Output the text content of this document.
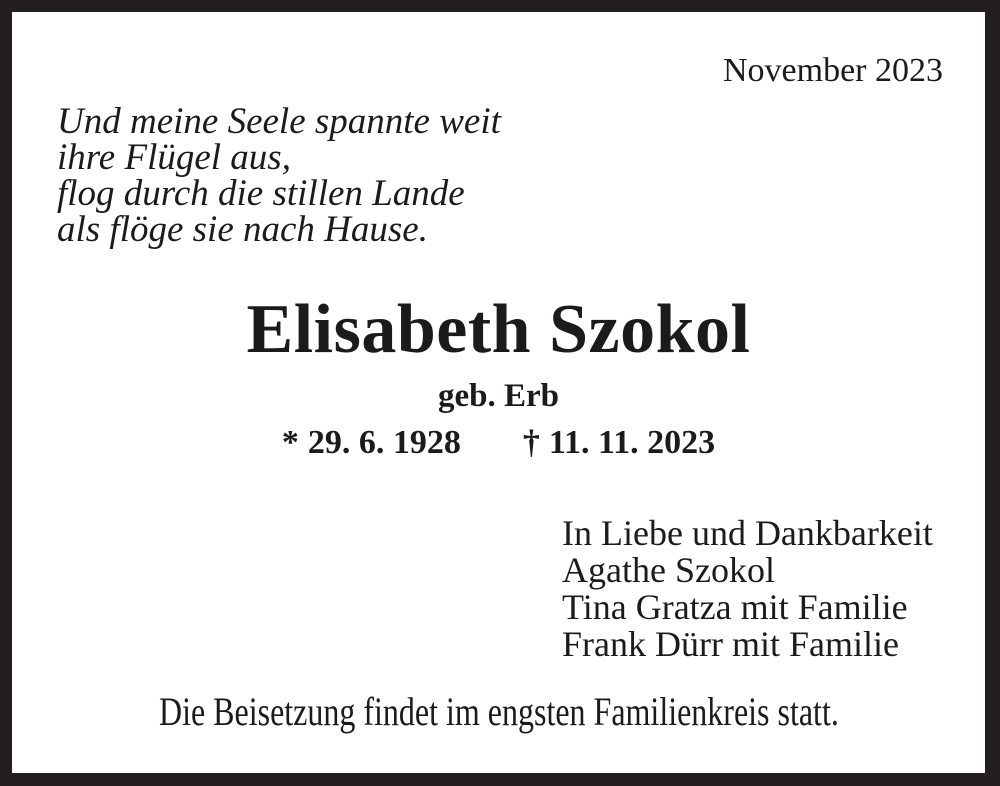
November 2023
Und meine Seele spannte weit
ihre Flügel aus,
flog durch die stillen Lande
als flöge sie nach Hause.
Elisabeth Szokol
geb. Erb
* 29. 6. 1928 † 11. 11. 2023
In Liebe und Dankbarkeit
Agathe Szokol
Tina Gratza mit Familie
Frank Dürr mit Familie
Die Beisetzung findet im engsten Familienkreis statt.
